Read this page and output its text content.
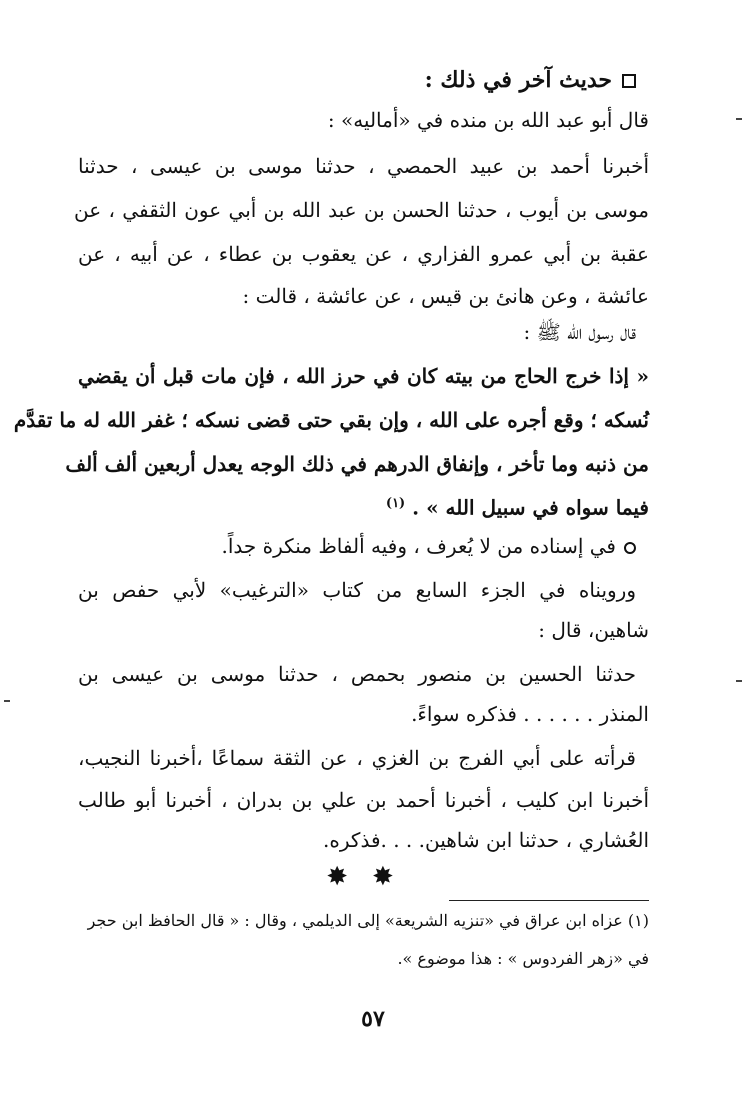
حديث آخر في ذلك :
قال أبو عبد الله بن منده في «أماليه» :
أخبرنا أحمد بن عبيد الحمصي ، حدثنا موسى بن عيسى ، حدثنا
موسى بن أيوب ، حدثنا الحسن بن عبد الله بن أبي عون الثقفي ، عن
عقبة بن أبي عمرو الفزاري ، عن يعقوب بن عطاء ، عن أبيه ، عن
عائشة ، وعن هانئ بن قيس ، عن عائشة ، قالت :
قال رسول الله ﷺ :
« إذا خرج الحاج من بيته كان في حرز الله ، فإن مات قبل أن يقضي
نُسكه ؛ وقع أجره على الله ، وإن بقي حتى قضى نسكه ؛ غفر الله له ما تقدَّم
من ذنبه وما تأخر ، وإنفاق الدرهم في ذلك الوجه يعدل أربعين ألف ألف
فيما سواه في سبيل الله » . $^{(١)}$
في إسناده من لا يُعرف ، وفيه ألفاظ منكرة جداً.
ورويناه في الجزء السابع من كتاب «الترغيب» لأبي حفص بن
شاهين، قال :
حدثنا الحسين بن منصور بحمص ، حدثنا موسى بن عيسى بن
المنذر . . . . . . فذكره سواءً.
قرأته على أبي الفرج بن الغزي ، عن الثقة سماعًا ،أخبرنا النجيب،
أخبرنا ابن كليب ، أخبرنا أحمد بن علي بن بدران ، أخبرنا أبو طالب
العُشاري ، حدثنا ابن شاهين. . . .فذكره.
✸ ✸
(١) عزاه ابن عراق في «تنزيه الشريعة» إلى الديلمي ، وقال : « قال الحافظ ابن حجر
في «زهر الفردوس » : هذا موضوع ».
٥٧
